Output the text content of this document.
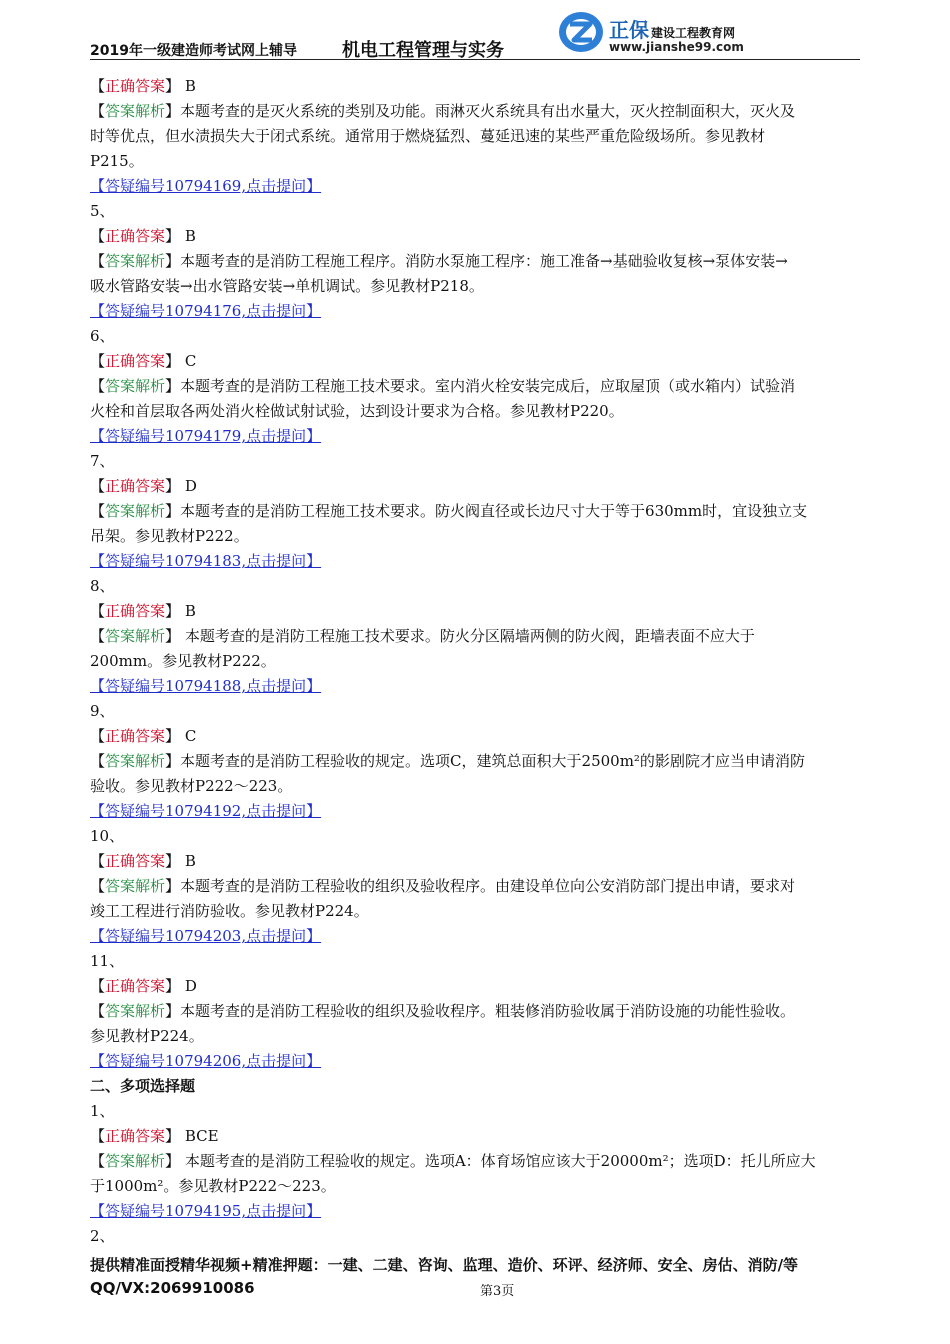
2019年一级建造师考试网上辅导	机电工程管理与实务
正保 建设工程教育网
www.jianshe99.com
【正确答案】 B
【答案解析】本题考查的是灭火系统的类别及功能。雨淋灭火系统具有出水量大，灭火控制面积大，灭火及
时等优点，但水渍损失大于闭式系统。通常用于燃烧猛烈、蔓延迅速的某些严重危险级场所。参见教材
P215。
【答疑编号10794169,点击提问】
5、
【正确答案】 B
【答案解析】本题考查的是消防工程施工程序。消防水泵施工程序：施工准备→基础验收复核→泵体安装→
吸水管路安装→出水管路安装→单机调试。参见教材P218。
【答疑编号10794176,点击提问】
6、
【正确答案】 C
【答案解析】本题考查的是消防工程施工技术要求。室内消火栓安装完成后，应取屋顶（或水箱内）试验消
火栓和首层取各两处消火栓做试射试验，达到设计要求为合格。参见教材P220。
【答疑编号10794179,点击提问】
7、
【正确答案】 D
【答案解析】本题考查的是消防工程施工技术要求。防火阀直径或长边尺寸大于等于630mm时，宜设独立支
吊架。参见教材P222。
【答疑编号10794183,点击提问】
8、
【正确答案】 B
【答案解析】 本题考查的是消防工程施工技术要求。防火分区隔墙两侧的防火阀，距墙表面不应大于
200mm。参见教材P222。
【答疑编号10794188,点击提问】
9、
【正确答案】 C
【答案解析】本题考查的是消防工程验收的规定。选项C，建筑总面积大于2500m²的影剧院才应当申请消防
验收。参见教材P222～223。
【答疑编号10794192,点击提问】
10、
【正确答案】 B
【答案解析】本题考查的是消防工程验收的组织及验收程序。由建设单位向公安消防部门提出申请，要求对
竣工工程进行消防验收。参见教材P224。
【答疑编号10794203,点击提问】
11、
【正确答案】 D
【答案解析】本题考查的是消防工程验收的组织及验收程序。粗装修消防验收属于消防设施的功能性验收。
参见教材P224。
【答疑编号10794206,点击提问】
二、多项选择题
1、
【正确答案】 BCE
【答案解析】 本题考查的是消防工程验收的规定。选项A：体育场馆应该大于20000m²；选项D：托儿所应大
于1000m²。参见教材P222～223。
【答疑编号10794195,点击提问】
2、
提供精准面授精华视频+精准押题：一建、二建、咨询、监理、造价、环评、经济师、安全、房估、消防/等
QQ/VX:2069910086	第3页
